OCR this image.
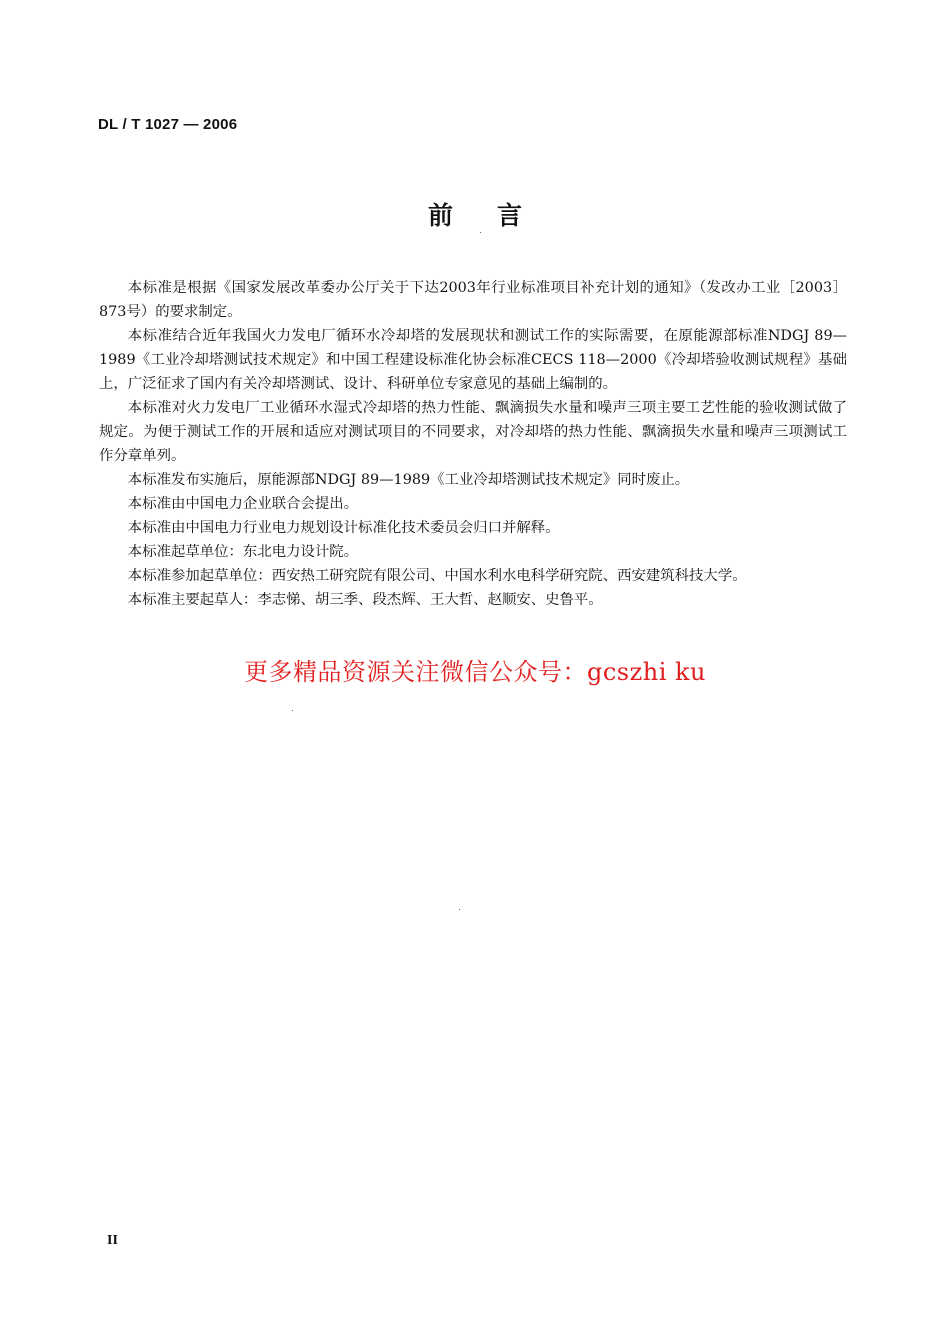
DL / T 1027 — 2006
前言

本标准是根据《国家发展改革委办公厅关于下达2003年行业标准项目补充计划的通知》（发改办工业［2003］873号）的要求制定。

本标准结合近年我国火力发电厂循环水冷却塔的发展现状和测试工作的实际需要，在原能源部标准NDGJ 89—1989《工业冷却塔测试技术规定》和中国工程建设标准化协会标准CECS 118—2000《冷却塔验收测试规程》基础上，广泛征求了国内有关冷却塔测试、设计、科研单位专家意见的基础上编制的。

本标准对火力发电厂工业循环水湿式冷却塔的热力性能、飘滴损失水量和噪声三项主要工艺性能的验收测试做了规定。为便于测试工作的开展和适应对测试项目的不同要求，对冷却塔的热力性能、飘滴损失水量和噪声三项测试工作分章单列。

本标准发布实施后，原能源部NDGJ 89—1989《工业冷却塔测试技术规定》同时废止。

本标准由中国电力企业联合会提出。

本标准由中国电力行业电力规划设计标准化技术委员会归口并解释。

本标准起草单位：东北电力设计院。

本标准参加起草单位：西安热工研究院有限公司、中国水利水电科学研究院、西安建筑科技大学。

本标准主要起草人：李志悌、胡三季、段杰辉、王大哲、赵顺安、史鲁平。

更多精品资源关注微信公众号：gcszhi ku
II
